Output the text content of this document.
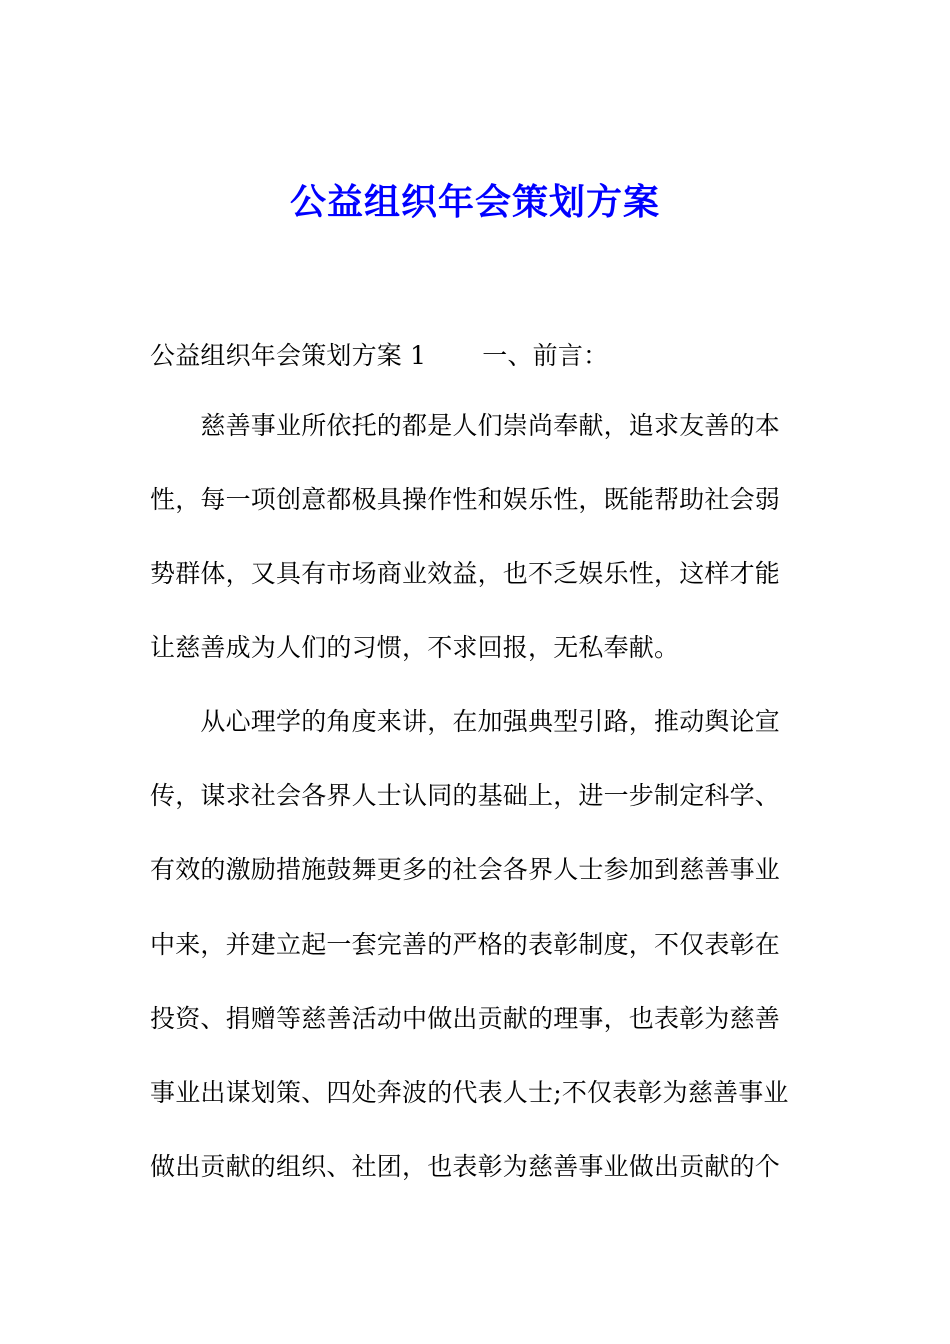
公益组织年会策划方案
公益组织年会策划方案 1 一、前言：
　　慈善事业所依托的都是人们崇尚奉献，追求友善的本
性，每一项创意都极具操作性和娱乐性，既能帮助社会弱
势群体，又具有市场商业效益，也不乏娱乐性，这样才能
让慈善成为人们的习惯，不求回报，无私奉献。
　　从心理学的角度来讲，在加强典型引路，推动舆论宣
传，谋求社会各界人士认同的基础上，进一步制定科学、
有效的激励措施鼓舞更多的社会各界人士参加到慈善事业
中来，并建立起一套完善的严格的表彰制度，不仅表彰在
投资、捐赠等慈善活动中做出贡献的理事，也表彰为慈善
事业出谋划策、四处奔波的代表人士;不仅表彰为慈善事业
做出贡献的组织、社团，也表彰为慈善事业做出贡献的个
